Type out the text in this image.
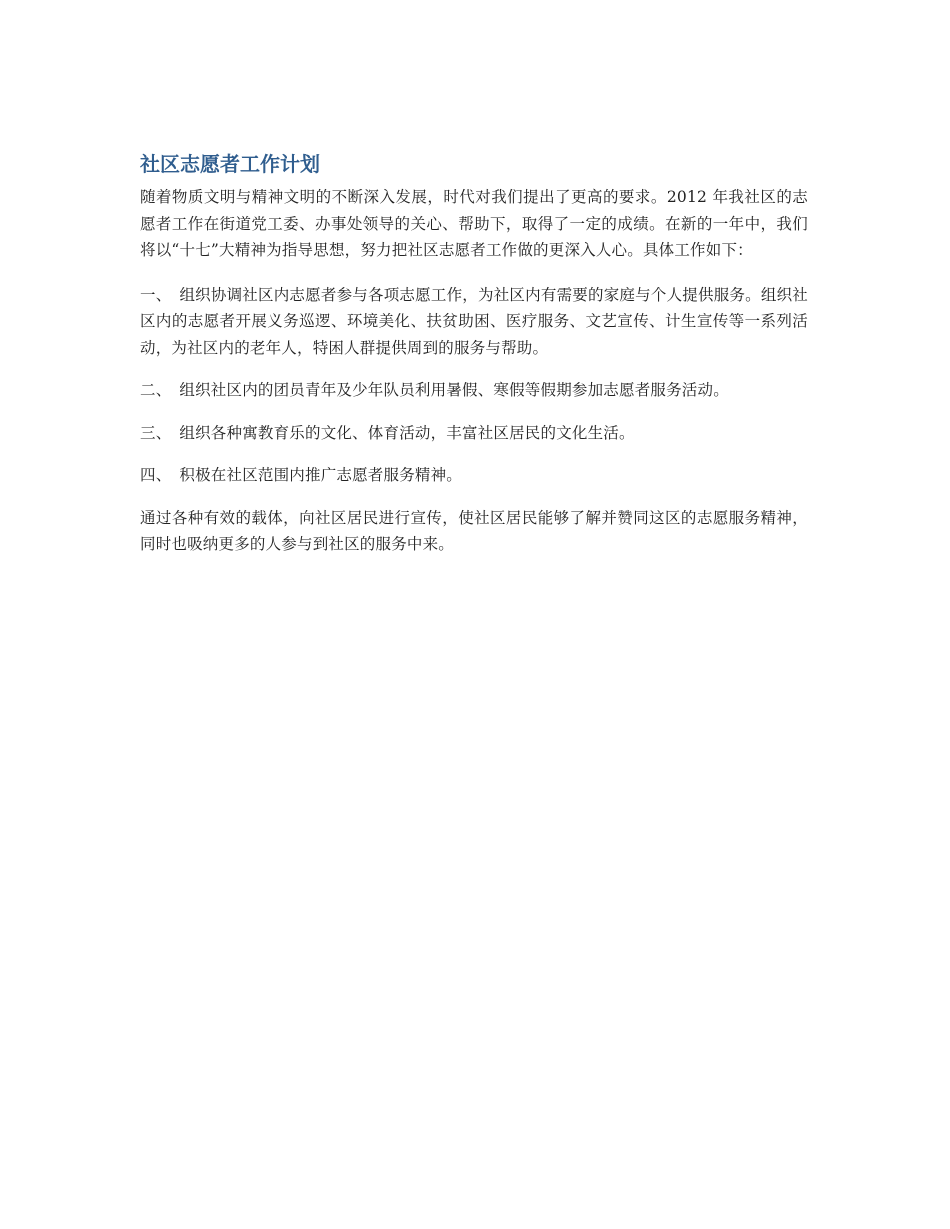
社区志愿者工作计划

随着物质文明与精神文明的不断深入发展，时代对我们提出了更高的要求。2012 年我社区的志愿者工作在街道党工委、办事处领导的关心、帮助下，取得了一定的成绩。在新的一年中，我们将以“十七”大精神为指导思想，努力把社区志愿者工作做的更深入人心。具体工作如下：

一、 组织协调社区内志愿者参与各项志愿工作，为社区内有需要的家庭与个人提供服务。组织社区内的志愿者开展义务巡逻、环境美化、扶贫助困、医疗服务、文艺宣传、计生宣传等一系列活动，为社区内的老年人，特困人群提供周到的服务与帮助。

二、 组织社区内的团员青年及少年队员利用暑假、寒假等假期参加志愿者服务活动。

三、 组织各种寓教育乐的文化、体育活动，丰富社区居民的文化生活。

四、 积极在社区范围内推广志愿者服务精神。

通过各种有效的载体，向社区居民进行宣传，使社区居民能够了解并赞同这区的志愿服务精神，同时也吸纳更多的人参与到社区的服务中来。
